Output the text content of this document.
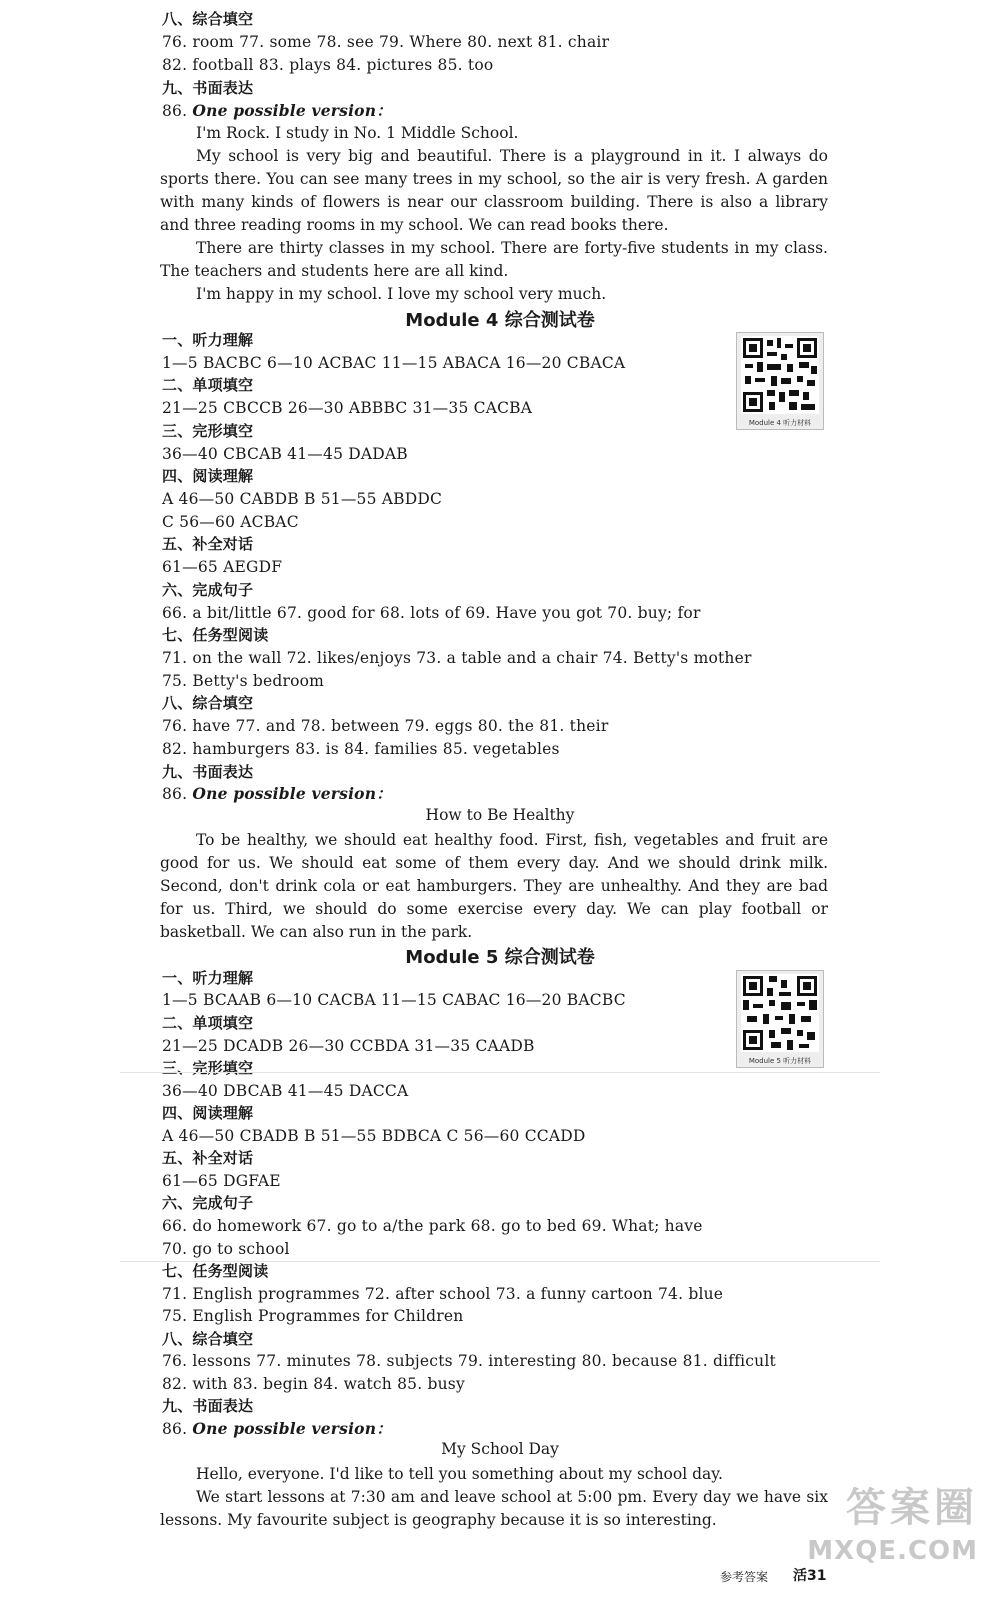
八、综合填空
76. room 77. some 78. see 79. Where 80. next 81. chair
82. football 83. plays 84. pictures 85. too
九、书面表达
86. One possible version：

I'm Rock. I study in No. 1 Middle School.

My school is very big and beautiful. There is a playground in it. I always do sports there. You can see many trees in my school, so the air is very fresh. A garden with many kinds of flowers is near our classroom building. There is also a library and three reading rooms in my school. We can read books there.

There are thirty classes in my school. There are forty-five students in my class. The teachers and students here are all kind.

I'm happy in my school. I love my school very much.

Module 4 综合测试卷
Module 4 听力材料
一、听力理解
1—5 BACBC 6—10 ACBAC 11—15 ABACA 16—20 CBACA
二、单项填空
21—25 CBCCB 26—30 ABBBC 31—35 CACBA
三、完形填空
36—40 CBCAB 41—45 DADAB
四、阅读理解
A 46—50 CABDB B 51—55 ABDDC
C 56—60 ACBAC
五、补全对话
61—65 AEGDF
六、完成句子
66. a bit/little 67. good for 68. lots of 69. Have you got 70. buy; for
七、任务型阅读
71. on the wall 72. likes/enjoys 73. a table and a chair 74. Betty's mother
75. Betty's bedroom
八、综合填空
76. have 77. and 78. between 79. eggs 80. the 81. their
82. hamburgers 83. is 84. families 85. vegetables
九、书面表达
86. One possible version：
How to Be Healthy

To be healthy, we should eat healthy food. First, fish, vegetables and fruit are good for us. We should eat some of them every day. And we should drink milk. Second, don't drink cola or eat hamburgers. They are unhealthy. And they are bad for us. Third, we should do some exercise every day. We can play football or basketball. We can also run in the park.

Module 5 综合测试卷
Module 5 听力材料
一、听力理解
1—5 BCAAB 6—10 CACBA 11—15 CABAC 16—20 BACBC
二、单项填空
21—25 DCADB 26—30 CCBDA 31—35 CAADB
三、完形填空
36—40 DBCAB 41—45 DACCA
四、阅读理解
A 46—50 CBADB B 51—55 BDBCA C 56—60 CCADD
五、补全对话
61—65 DGFAE
六、完成句子
66. do homework 67. go to a/the park 68. go to bed 69. What; have
70. go to school
七、任务型阅读
71. English programmes 72. after school 73. a funny cartoon 74. blue
75. English Programmes for Children
八、综合填空
76. lessons 77. minutes 78. subjects 79. interesting 80. because 81. difficult
82. with 83. begin 84. watch 85. busy
九、书面表达
86. One possible version：
My School Day

Hello, everyone. I'd like to tell you something about my school day.

We start lessons at 7:30 am and leave school at 5:00 pm. Every day we have six lessons. My favourite subject is geography because it is so interesting.

参考答案 活31
答案圈
MXQE.COM
